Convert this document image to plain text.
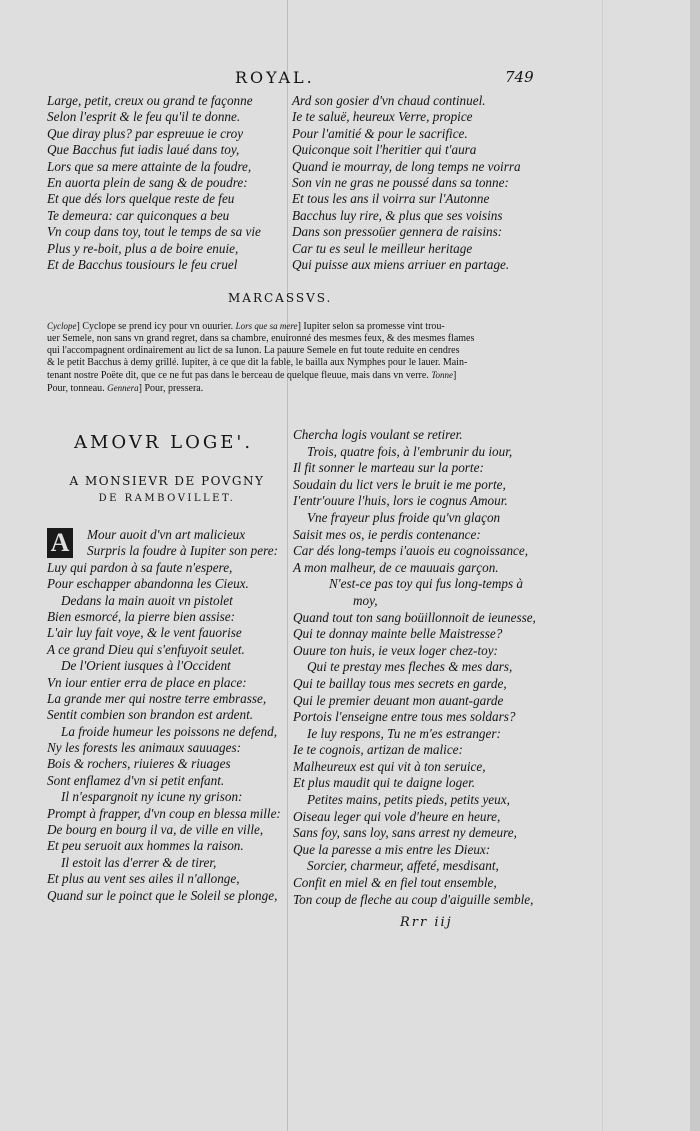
ROYAL.	749
Large, petit, creux ou grand te façonne
Selon l'esprit & le feu qu'il te donne.
Que diray plus? par espreuue ie croy
Que Bacchus fut iadis laué dans toy,
Lors que sa mere attainte de la foudre,
En auorta plein de sang & de poudre:
Et que dés lors quelque reste de feu
Te demeura: car quiconques a beu
Vn coup dans toy, tout le temps de sa vie
Plus y re-boit, plus a de boire enuie,
Et de Bacchus tousiours le feu cruel
Ard son gosier d'vn chaud continuel.
Ie te saluë, heureux Verre, propice
Pour l'amitié & pour le sacrifice.
Quiconque soit l'heritier qui t'aura
Quand ie mourray, de long temps ne voirra
Son vin ne gras ne poussé dans sa tonne:
Et tous les ans il voirra sur l'Autonne
Bacchus luy rire, & plus que ses voisins
Dans son pressoüer gennera de raisins:
Car tu es seul le meilleur heritage
Qui puisse aux miens arriuer en partage.
MARCASSVS.
Cyclope] Cyclope se prend icy pour vn ouurier. Lors que sa mere] Iupiter selon sa promesse vint trou-
uer Semele, non sans vn grand regret, dans sa chambre, enuironné des mesmes feux, & des mesmes flames
qui l'accompagnent ordinairement au lict de sa Iunon. La pauure Semele en fut toute reduite en cendres
& le petit Bacchus à demy grillé. Iupiter, à ce que dit la fable, le bailla aux Nymphes pour le lauer. Main-
tenant nostre Poëte dit, que ce ne fut pas dans le berceau de quelque fleuue, mais dans vn verre. Tonne]
Pour, tonneau. Gennera] Pour, pressera.
AMOVR LOGE'.
A MONSIEVR DE POVGNY
DE RAMBOVILLET.
A	Mour auoit d'vn art malicieux
Surpris la foudre à Iupiter son pere:
Luy qui pardon à sa faute n'espere,
Pour eschapper abandonna les Cieux.
Dedans la main auoit vn pistolet
Bien esmorcé, la pierre bien assise:
L'air luy fait voye, & le vent fauorise
A ce grand Dieu qui s'enfuyoit seulet.
De l'Orient iusques à l'Occident
Vn iour entier erra de place en place:
La grande mer qui nostre terre embrasse,
Sentit combien son brandon est ardent.
La froide humeur les poissons ne defend,
Ny les forests les animaux sauuages:
Bois & rochers, riuieres & riuages
Sont enflamez d'vn si petit enfant.
Il n'espargnoit ny icune ny grison:
Prompt à frapper, d'vn coup en blessa mille:
De bourg en bourg il va, de ville en ville,
Et peu seruoit aux hommes la raison.
Il estoit las d'errer & de tirer,
Et plus au vent ses ailes il n'allonge,
Quand sur le poinct que le Soleil se plonge,
Chercha logis voulant se retirer.
Trois, quatre fois, à l'embrunir du iour,
Il fit sonner le marteau sur la porte:
Soudain du lict vers le bruit ie me porte,
I'entr'ouure l'huis, lors ie cognus Amour.
Vne frayeur plus froide qu'vn glaçon
Saisit mes os, ie perdis contenance:
Car dés long-temps i'auois eu cognoissance,
A mon malheur, de ce mauuais garçon.
N'est-ce pas toy qui fus long-temps à
moy,
Quand tout ton sang boüillonnoit de ieunesse,
Qui te donnay mainte belle Maistresse?
Ouure ton huis, ie veux loger chez-toy:
Qui te prestay mes fleches & mes dars,
Qui te baillay tous mes secrets en garde,
Qui le premier deuant mon auant-garde
Portois l'enseigne entre tous mes soldars?
Ie luy respons, Tu ne m'es estranger:
Ie te cognois, artizan de malice:
Malheureux est qui vit à ton seruice,
Et plus maudit qui te daigne loger.
Petites mains, petits pieds, petits yeux,
Oiseau leger qui vole d'heure en heure,
Sans foy, sans loy, sans arrest ny demeure,
Que la paresse a mis entre les Dieux:
Sorcier, charmeur, affeté, mesdisant,
Confit en miel & en fiel tout ensemble,
Ton coup de fleche au coup d'aiguille semble,
Rrr iij
